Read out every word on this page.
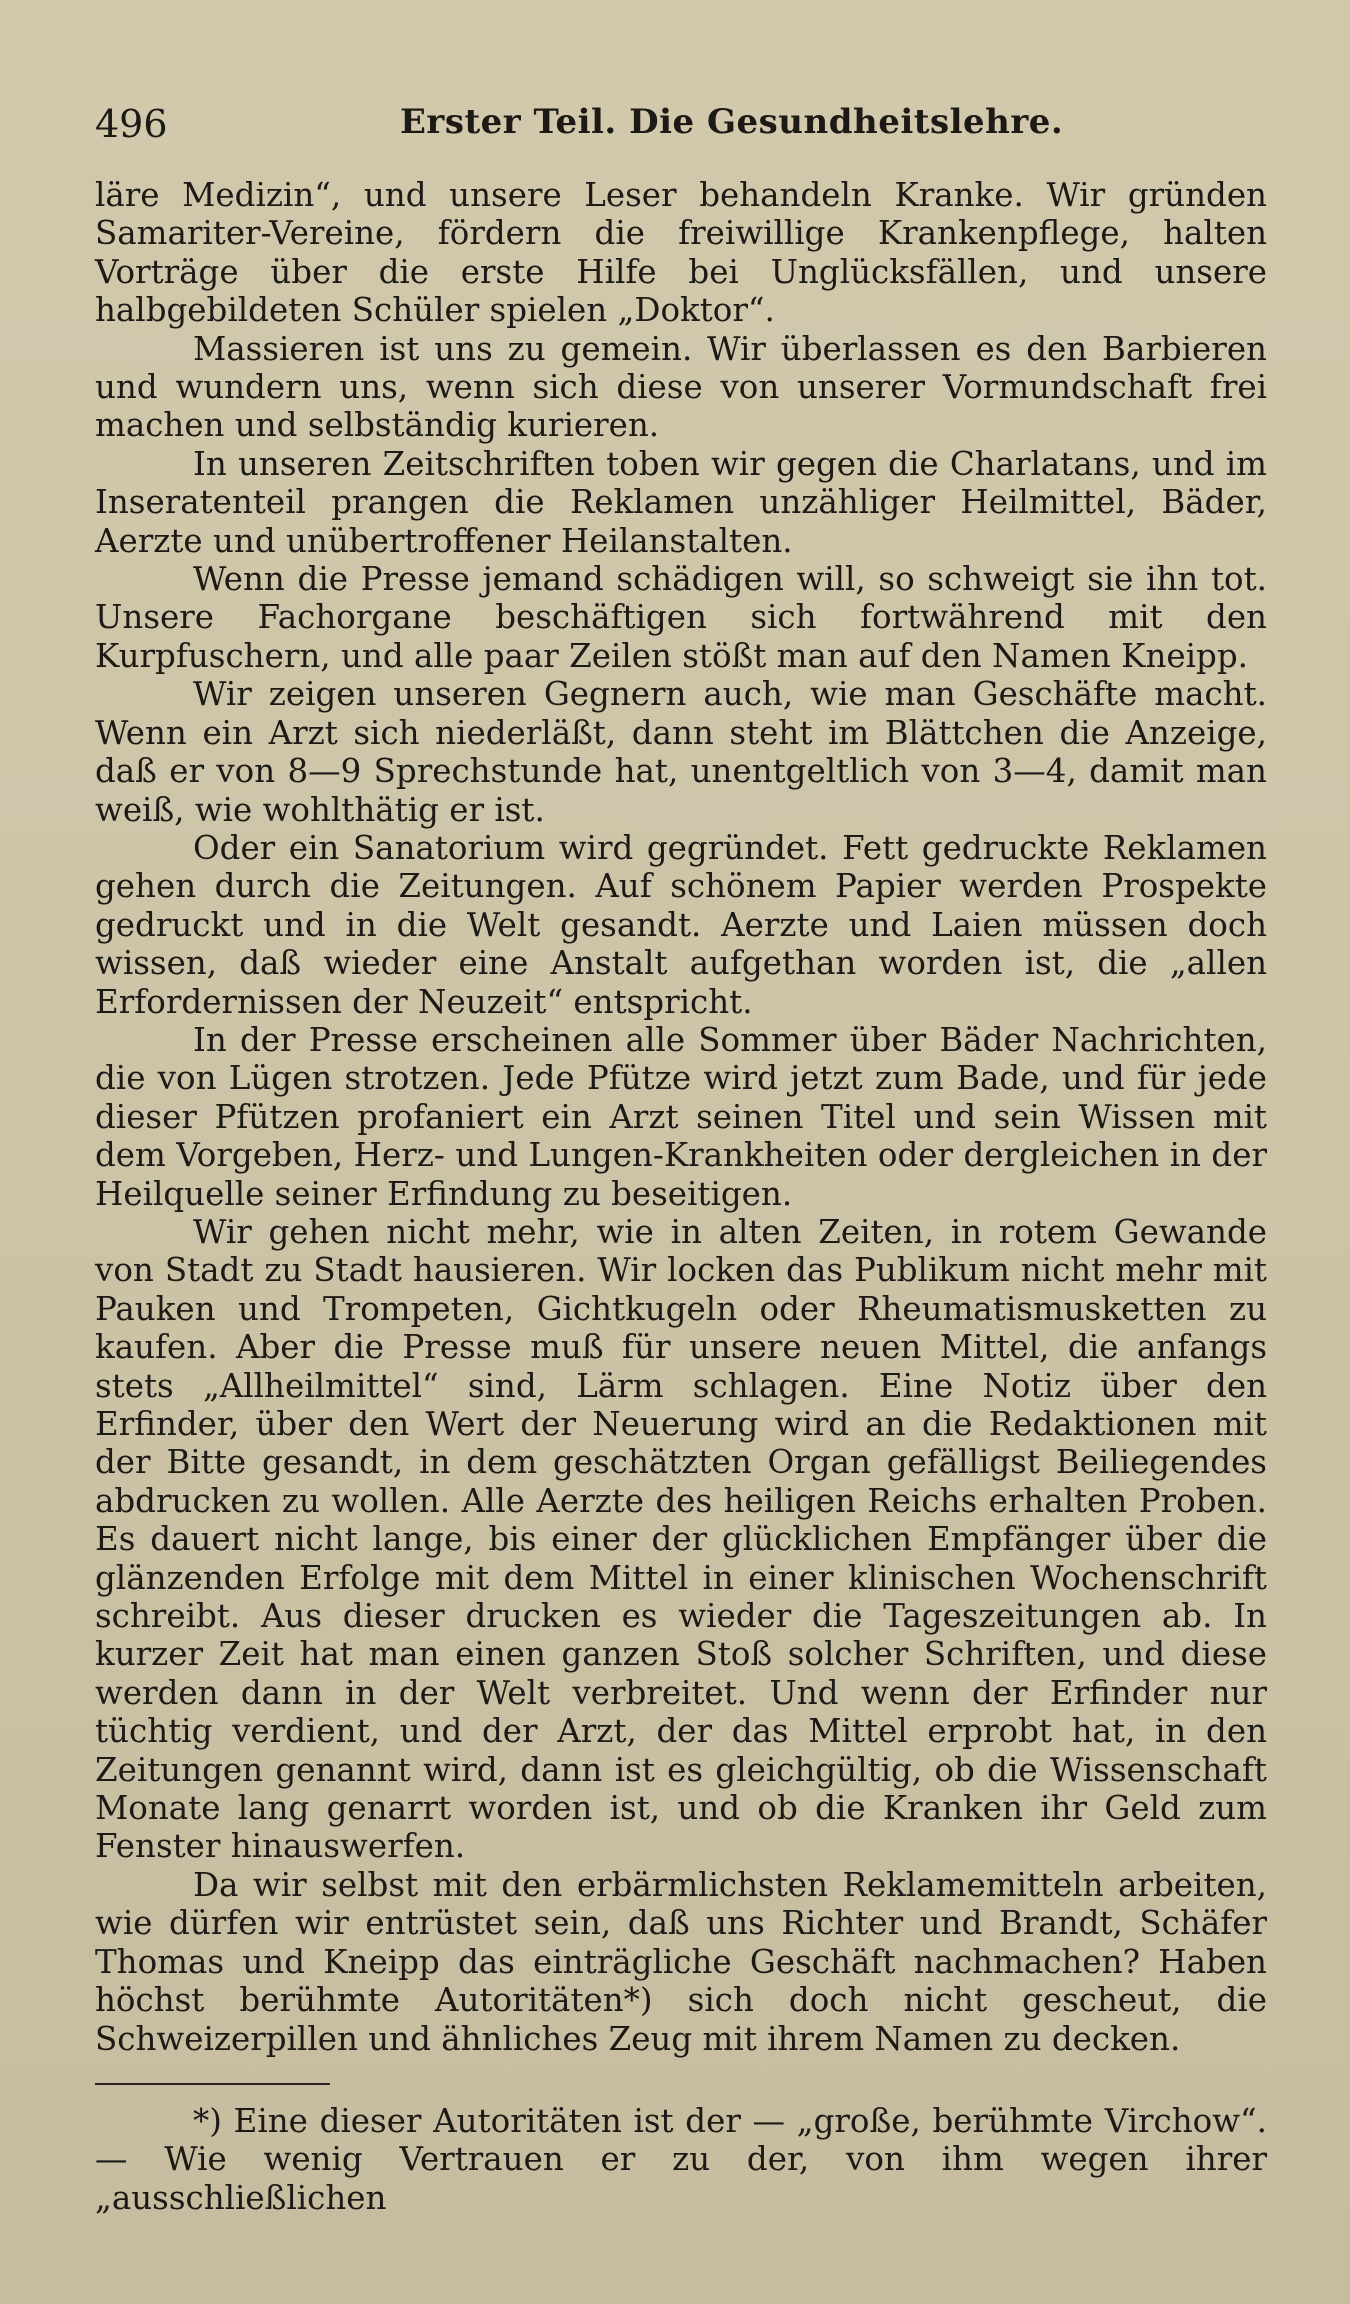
496	Erster Teil. Die Gesundheitslehre.

läre Medizin“, und unsere Leser behandeln Kranke. Wir gründen Samariter-Vereine, fördern die freiwillige Krankenpflege, halten Vorträge über die erste Hilfe bei Unglücksfällen, und unsere halbgebildeten Schüler spielen „Doktor“.

Massieren ist uns zu gemein. Wir überlassen es den Barbieren und wundern uns, wenn sich diese von unserer Vormundschaft frei machen und selbständig kurieren.

In unseren Zeitschriften toben wir gegen die Charlatans, und im Inseratenteil prangen die Reklamen unzähliger Heilmittel, Bäder, Aerzte und unübertroffener Heilanstalten.

Wenn die Presse jemand schädigen will, so schweigt sie ihn tot. Unsere Fachorgane beschäftigen sich fortwährend mit den Kurpfuschern, und alle paar Zeilen stößt man auf den Namen Kneipp.

Wir zeigen unseren Gegnern auch, wie man Geschäfte macht. Wenn ein Arzt sich niederläßt, dann steht im Blättchen die Anzeige, daß er von 8—9 Sprechstunde hat, unentgeltlich von 3—4, damit man weiß, wie wohlthätig er ist.

Oder ein Sanatorium wird gegründet. Fett gedruckte Reklamen gehen durch die Zeitungen. Auf schönem Papier werden Prospekte gedruckt und in die Welt gesandt. Aerzte und Laien müssen doch wissen, daß wieder eine Anstalt aufgethan worden ist, die „allen Erfordernissen der Neuzeit“ entspricht.

In der Presse erscheinen alle Sommer über Bäder Nachrichten, die von Lügen strotzen. Jede Pfütze wird jetzt zum Bade, und für jede dieser Pfützen profaniert ein Arzt seinen Titel und sein Wissen mit dem Vorgeben, Herz- und Lungen-Krankheiten oder dergleichen in der Heilquelle seiner Erfindung zu beseitigen.

Wir gehen nicht mehr, wie in alten Zeiten, in rotem Gewande von Stadt zu Stadt hausieren. Wir locken das Publikum nicht mehr mit Pauken und Trompeten, Gichtkugeln oder Rheumatismusketten zu kaufen. Aber die Presse muß für unsere neuen Mittel, die anfangs stets „Allheilmittel“ sind, Lärm schlagen. Eine Notiz über den Erfinder, über den Wert der Neuerung wird an die Redaktionen mit der Bitte gesandt, in dem geschätzten Organ gefälligst Beiliegendes abdrucken zu wollen. Alle Aerzte des heiligen Reichs erhalten Proben. Es dauert nicht lange, bis einer der glücklichen Empfänger über die glänzenden Erfolge mit dem Mittel in einer klinischen Wochenschrift schreibt. Aus dieser drucken es wieder die Tageszeitungen ab. In kurzer Zeit hat man einen ganzen Stoß solcher Schriften, und diese werden dann in der Welt verbreitet. Und wenn der Erfinder nur tüchtig verdient, und der Arzt, der das Mittel erprobt hat, in den Zeitungen genannt wird, dann ist es gleichgültig, ob die Wissenschaft Monate lang genarrt worden ist, und ob die Kranken ihr Geld zum Fenster hinauswerfen.

Da wir selbst mit den erbärmlichsten Reklamemitteln arbeiten, wie dürfen wir entrüstet sein, daß uns Richter und Brandt, Schäfer Thomas und Kneipp das einträgliche Geschäft nachmachen? Haben höchst berühmte Autoritäten*) sich doch nicht gescheut, die Schweizerpillen und ähnliches Zeug mit ihrem Namen zu decken.

*) Eine dieser Autoritäten ist der — „große, berühmte Virchow“. — Wie wenig Vertrauen er zu der, von ihm wegen ihrer „ausschließlichen
